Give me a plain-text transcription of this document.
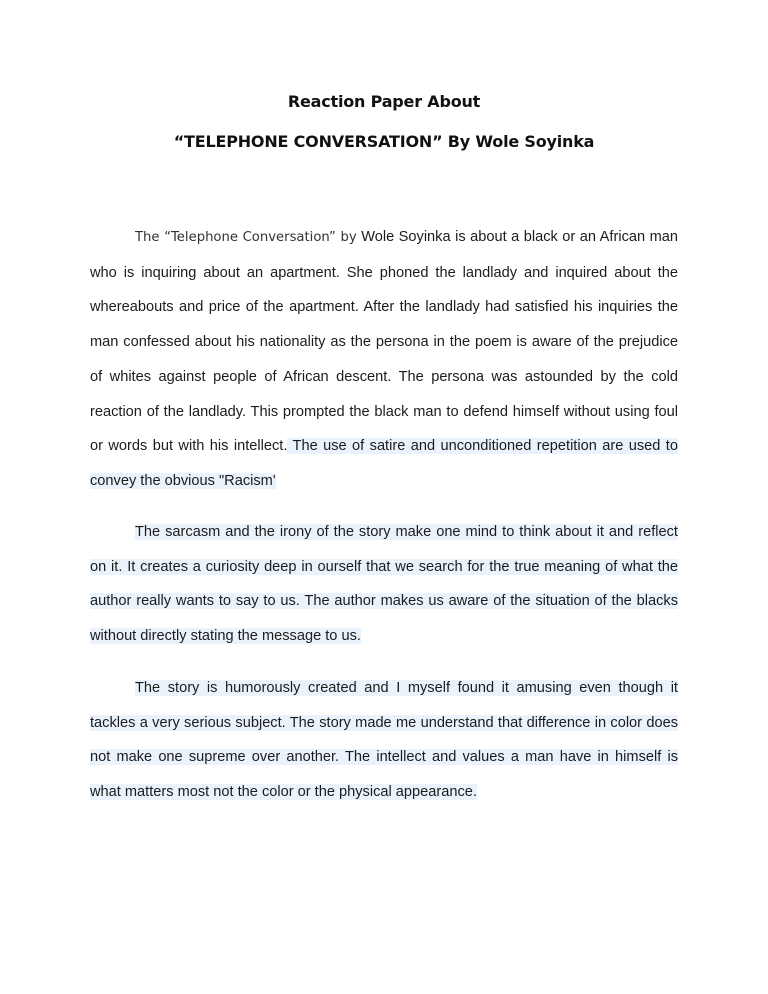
Reaction Paper About
“TELEPHONE CONVERSATION” By Wole Soyinka
The “Telephone Conversation” by Wole Soyinka is about a black or an African man who is inquiring about an apartment. She phoned the landlady and inquired about the whereabouts and price of the apartment. After the landlady had satisfied his inquiries the man confessed about his nationality as the persona in the poem is aware of the prejudice of whites against people of African descent. The persona was astounded by the cold reaction of the landlady. This prompted the black man to defend himself without using foul or words but with his intellect. The use of satire and unconditioned repetition are used to convey the obvious "Racism'
The sarcasm and the irony of the story make one mind to think about it and reflect on it. It creates a curiosity deep in ourself that we search for the true meaning of what the author really wants to say to us. The author makes us aware of the situation of the blacks without directly stating the message to us.
The story is humorously created and I myself found it amusing even though it tackles a very serious subject. The story made me understand that difference in color does not make one supreme over another. The intellect and values a man have in himself is what matters most not the color or the physical appearance.
